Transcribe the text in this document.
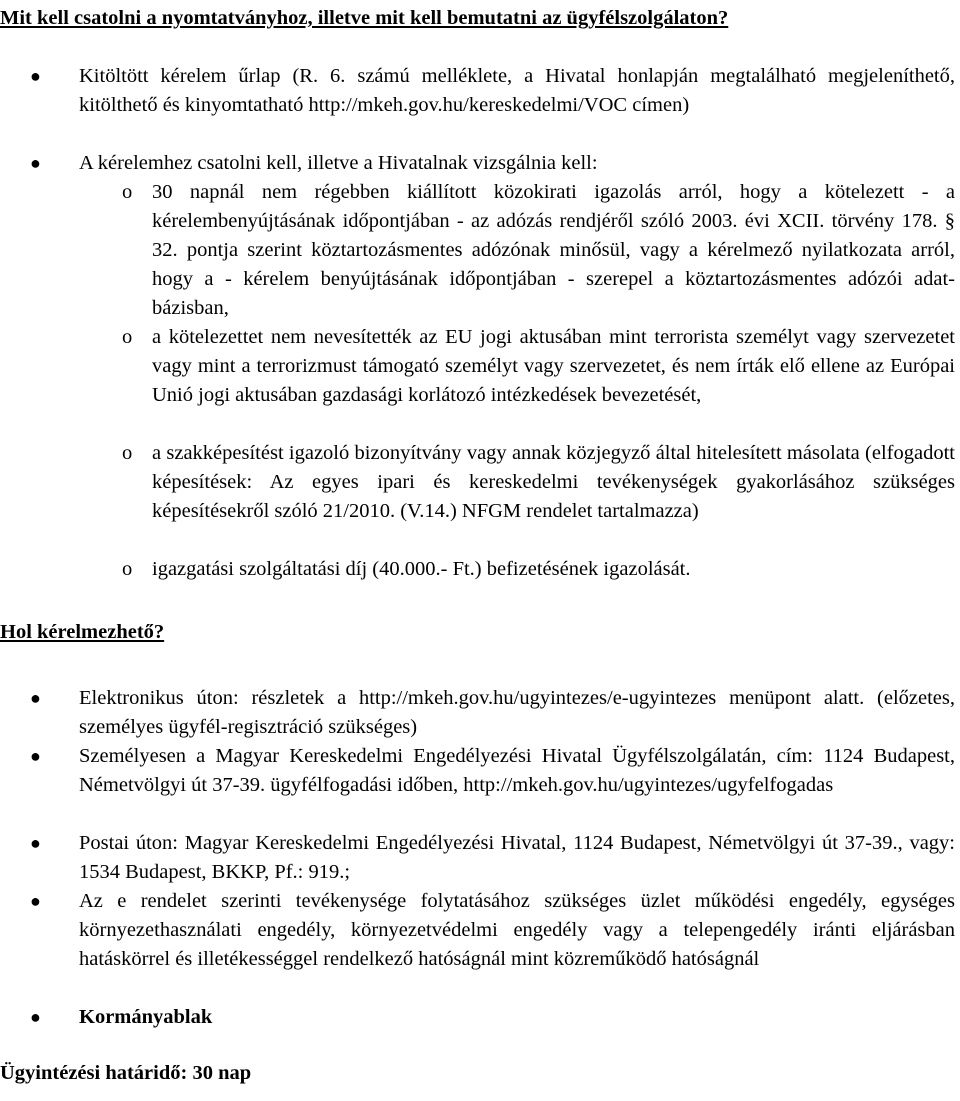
Mit kell csatolni a nyomtatványhoz, illetve mit kell bemutatni az ügyfélszolgálaton?
● Kitöltött kérelem űrlap (R. 6. számú melléklete, a Hivatal honlapján megtalálható megjeleníthető, kitölthető és kinyomtatható http://mkeh.gov.hu/kereskedelmi/VOC címen)
● A kérelemhez csatolni kell, illetve a Hivatalnak vizsgálnia kell:
o 30 napnál nem régebben kiállított közokirati igazolás arról, hogy a kötelezett - a kérelembenyújtásának időpontjában - az adózás rendjéről szóló 2003. évi XCII. törvény 178. § 32. pontja szerint köztartozásmentes adózónak minősül, vagy a kérelmező nyilatkozata arról, hogy a - kérelem benyújtásának időpontjában - szerepel a köztartozásmentes adózói adat-bázisban,
o a kötelezettet nem nevesítették az EU jogi aktusában mint terrorista személyt vagy szervezetet vagy mint a terrorizmust támogató személyt vagy szervezetet, és nem írták elő ellene az Európai Unió jogi aktusában gazdasági korlátozó intézkedések bevezetését,
o a szakképesítést igazoló bizonyítvány vagy annak közjegyző által hitelesített másolata (elfogadott képesítések: Az egyes ipari és kereskedelmi tevékenységek gyakorlásához szükséges képesítésekről szóló 21/2010. (V.14.) NFGM rendelet tartalmazza)
o igazgatási szolgáltatási díj (40.000.- Ft.) befizetésének igazolását.
Hol kérelmezhető?
● Elektronikus úton: részletek a http://mkeh.gov.hu/ugyintezes/e-ugyintezes menüpont alatt. (előzetes, személyes ügyfél-regisztráció szükséges)
● Személyesen a Magyar Kereskedelmi Engedélyezési Hivatal Ügyfélszolgálatán, cím: 1124 Budapest, Németvölgyi út 37-39. ügyfélfogadási időben, http://mkeh.gov.hu/ugyintezes/ugyfelfogadas
● Postai úton: Magyar Kereskedelmi Engedélyezési Hivatal, 1124 Budapest, Németvölgyi út 37-39., vagy: 1534 Budapest, BKKP, Pf.: 919.;
● Az e rendelet szerinti tevékenysége folytatásához szükséges üzlet működési engedély, egységes környezethasználati engedély, környezetvédelmi engedély vagy a telepengedély iránti eljárásban hatáskörrel és illetékességgel rendelkező hatóságnál mint közreműködő hatóságnál
● Kormányablak
Ügyintézési határidő: 30 nap
